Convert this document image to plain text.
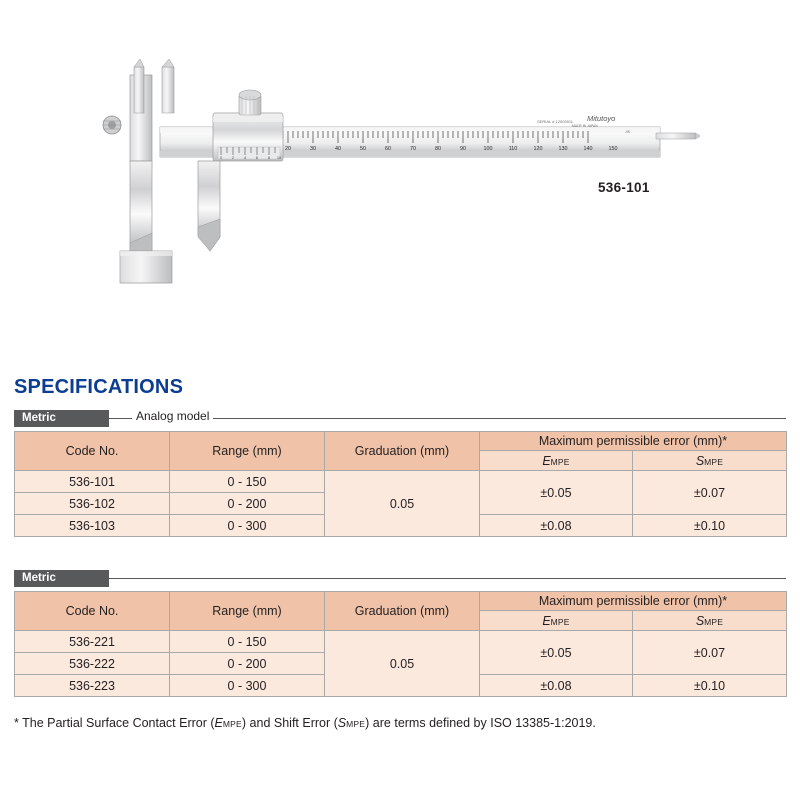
20	30	40	50	60	70	80	90	100	110	120	130	140	150
SERIAL # 12003911 Mitutoyo
MADE IN JAPAN
JIS
0	2	4	6	8 10
536-101
SPECIFICATIONS
Metric	Analog model
Code No.	Range (mm)	Graduation (mm)	Maximum permissible error (mm)*	
			EMPE	SMPE
536-101	0 - 150	0.05	±0.05	±0.07
536-102	0 - 200			
536-103	0 - 300		±0.08	±0.10
Metric
Code No.	Range (mm)	Graduation (mm)	Maximum permissible error (mm)*	
			EMPE	SMPE
536-221	0 - 150	0.05	±0.05	±0.07
536-222	0 - 200			
536-223	0 - 300		±0.08	±0.10
* The Partial Surface Contact Error (EMPE) and Shift Error (SMPE) are terms defined by ISO 13385-1:2019.
